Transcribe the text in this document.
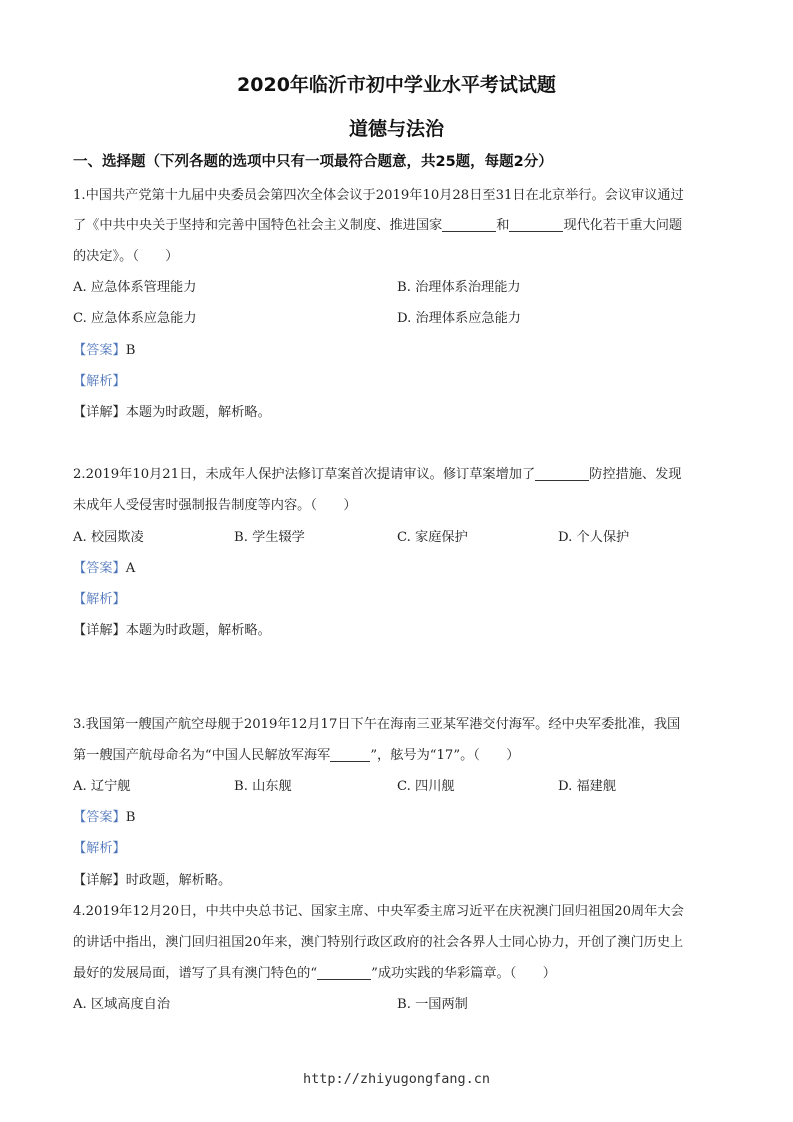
2020年临沂市初中学业水平考试试题
道德与法治
一、选择题（下列各题的选项中只有一项最符合题意，共25题，每题2分）
1.中国共产党第十九届中央委员会第四次全体会议于2019年10月28日至31日在北京举行。会议审议通过
了《中共中央关于坚持和完善中国特色社会主义制度、推进国家	和	现代化若干重大问题
的决定》。（　　）
A. 应急体系管理能力	B. 治理体系治理能力
C. 应急体系应急能力	D. 治理体系应急能力
【答案】B
【解析】
【详解】本题为时政题，解析略。
2.2019年10月21日，未成年人保护法修订草案首次提请审议。修订草案增加了	防控措施、发现
未成年人受侵害时强制报告制度等内容。（　　）
A. 校园欺凌	B. 学生辍学	C. 家庭保护	D. 个人保护
【答案】A
【解析】
【详解】本题为时政题，解析略。
3.我国第一艘国产航空母舰于2019年12月17日下午在海南三亚某军港交付海军。经中央军委批准，我国
第一艘国产航母命名为“中国人民解放军海军	”，舷号为“17”。（　　）
A. 辽宁舰	B. 山东舰	C. 四川舰	D. 福建舰
【答案】B
【解析】
【详解】时政题，解析略。
4.2019年12月20日，中共中央总书记、国家主席、中央军委主席习近平在庆祝澳门回归祖国20周年大会
的讲话中指出，澳门回归祖国20年来，澳门特别行政区政府的社会各界人士同心协力，开创了澳门历史上
最好的发展局面，谱写了具有澳门特色的“	”成功实践的华彩篇章。（　　）
A. 区域高度自治	B. 一国两制
http://zhiyugongfang.cn
